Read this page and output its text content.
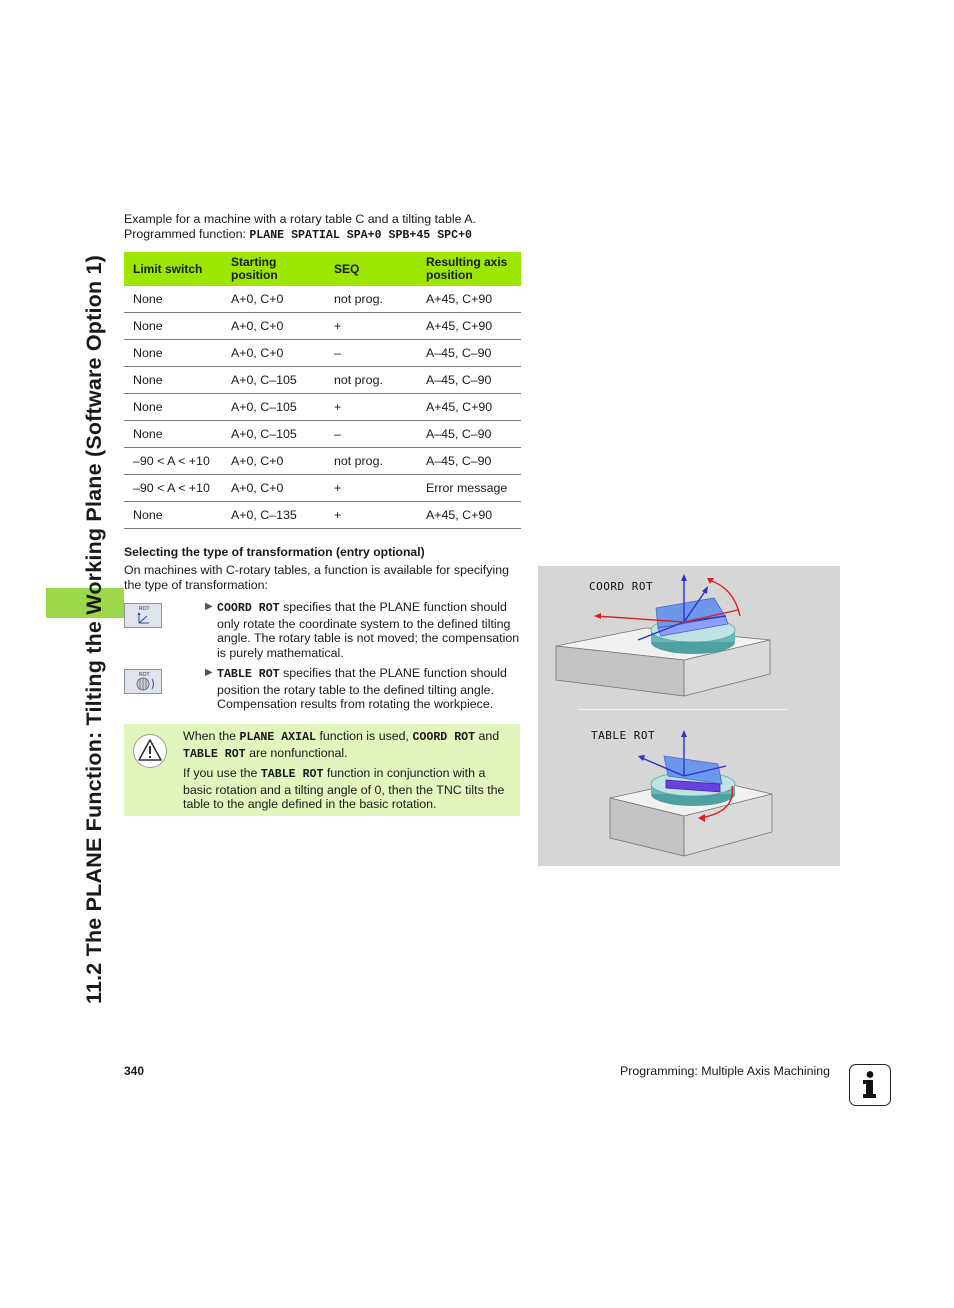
11.2 The PLANE Function: Tilting the Working Plane (Software Option 1)
Example for a machine with a rotary table C and a tilting table A.
Programmed function: PLANE SPATIAL SPA+0 SPB+45 SPC+0
Limit switch	Starting position	SEQ	Resulting axis position
None	A+0, C+0	not prog.	A+45, C+90
None	A+0, C+0	+	A+45, C+90
None	A+0, C+0	–	A–45, C–90
None	A+0, C–105	not prog.	A–45, C–90
None	A+0, C–105	+	A+45, C+90
None	A+0, C–105	–	A–45, C–90
–90 < A < +10	A+0, C+0	not prog.	A–45, C–90
–90 < A < +10	A+0, C+0	+	Error message
None	A+0, C–135	+	A+45, C+90
Selecting the type of transformation (entry optional)
On machines with C-rotary tables, a function is available for specifying the type of transformation:
ROT	▶ COORD ROT specifies that the PLANE function should only rotate the coordinate system to the defined tilting angle. The rotary table is not moved; the compensation is purely mathematical.
ROT	▶ TABLE ROT specifies that the PLANE function should position the rotary table to the defined tilting angle. Compensation results from rotating the workpiece.

When the PLANE AXIAL function is used, COORD ROT and
TABLE ROT are nonfunctional.

If you use the TABLE ROT function in conjunction with a basic rotation and a tilting angle of 0, then the TNC tilts the table to the angle defined in the basic rotation.

COORD ROT
TABLE ROT
340	Programming: Multiple Axis Machining
